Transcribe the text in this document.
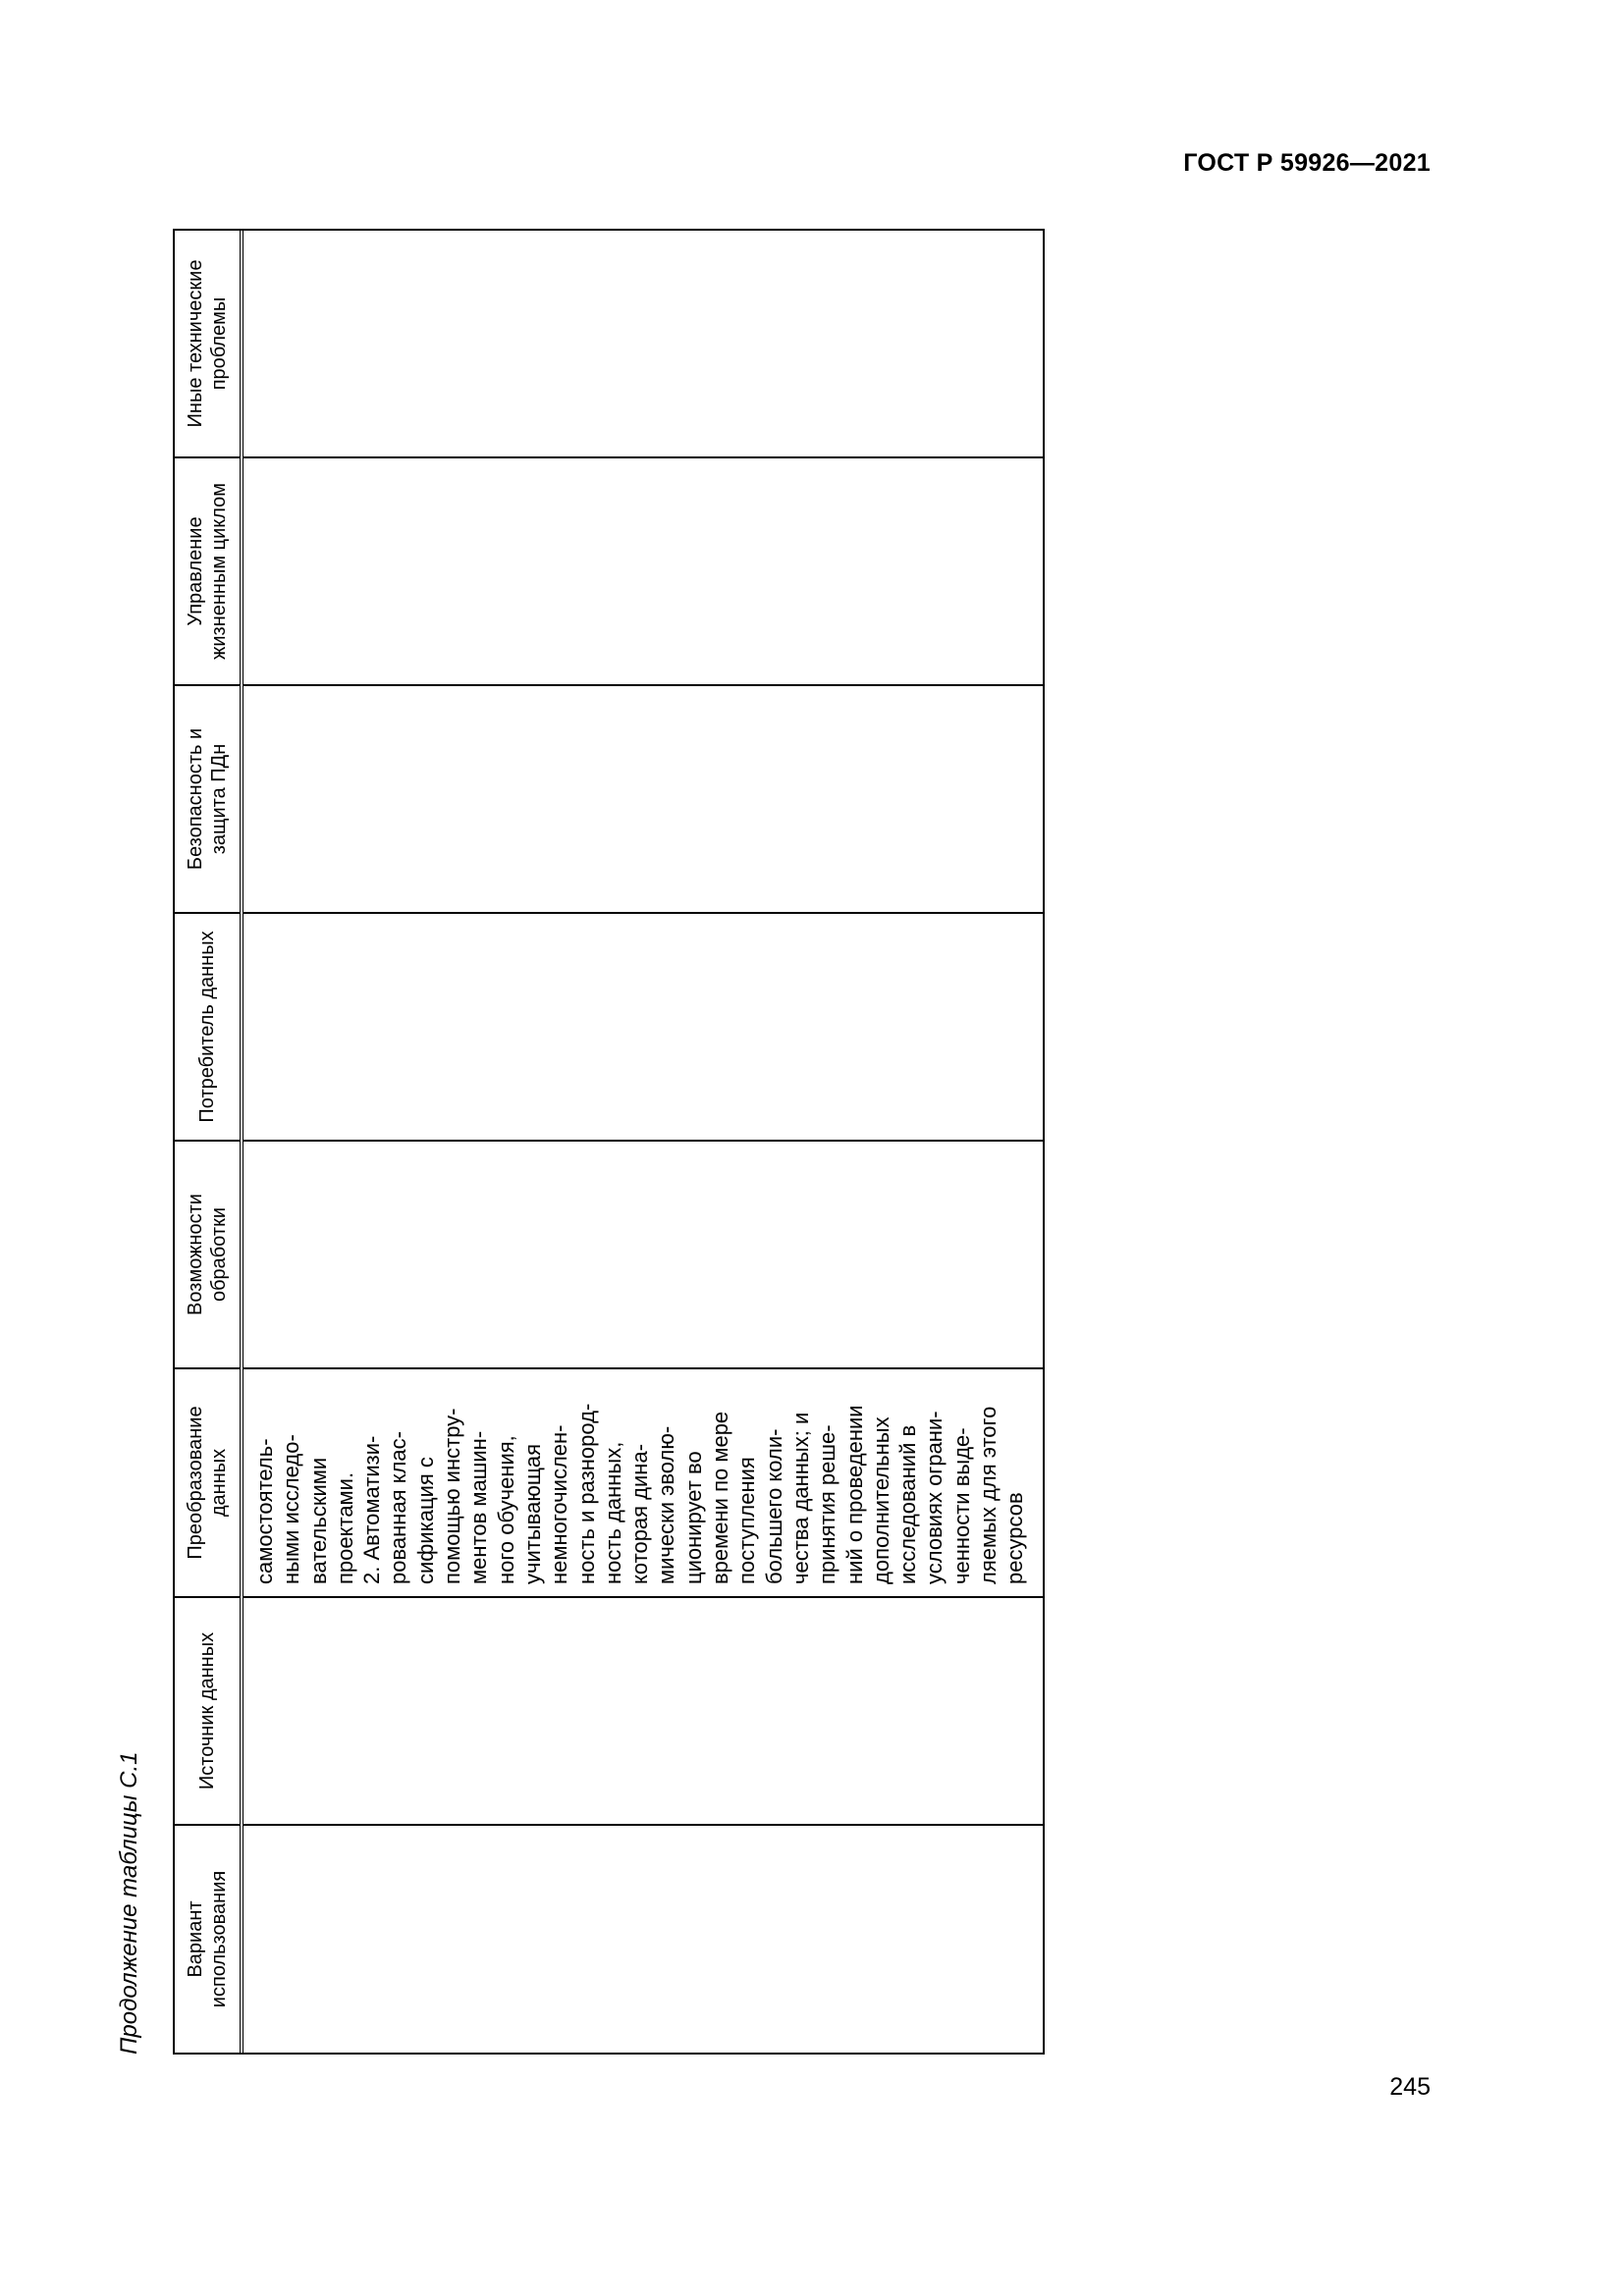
ГОСТ Р 59926—2021
Продолжение таблицы С.1 Вариант использования
Источник данных
Преобразование данных
Возможности обработки
Потребитель данных
Безопасность и защита ПДн
Управление жизненным циклом
Иные технические проблемы
самостоятель-
ными исследо-
вательскими
проектами.
2. Автоматизи-
рованная клас-
сификация с
помощью инстру-
ментов машин-
ного обучения,
учитывающая
немногочислен-
ность и разнород-
ность данных,
которая дина-
мически эволю-
ционирует во
времени по мере
поступления
большего коли-
чества данных; и
принятия реше-
ний о проведении
дополнительных
исследований в
условиях ограни-
ченности выде-
ляемых для этого
ресурсов
245
